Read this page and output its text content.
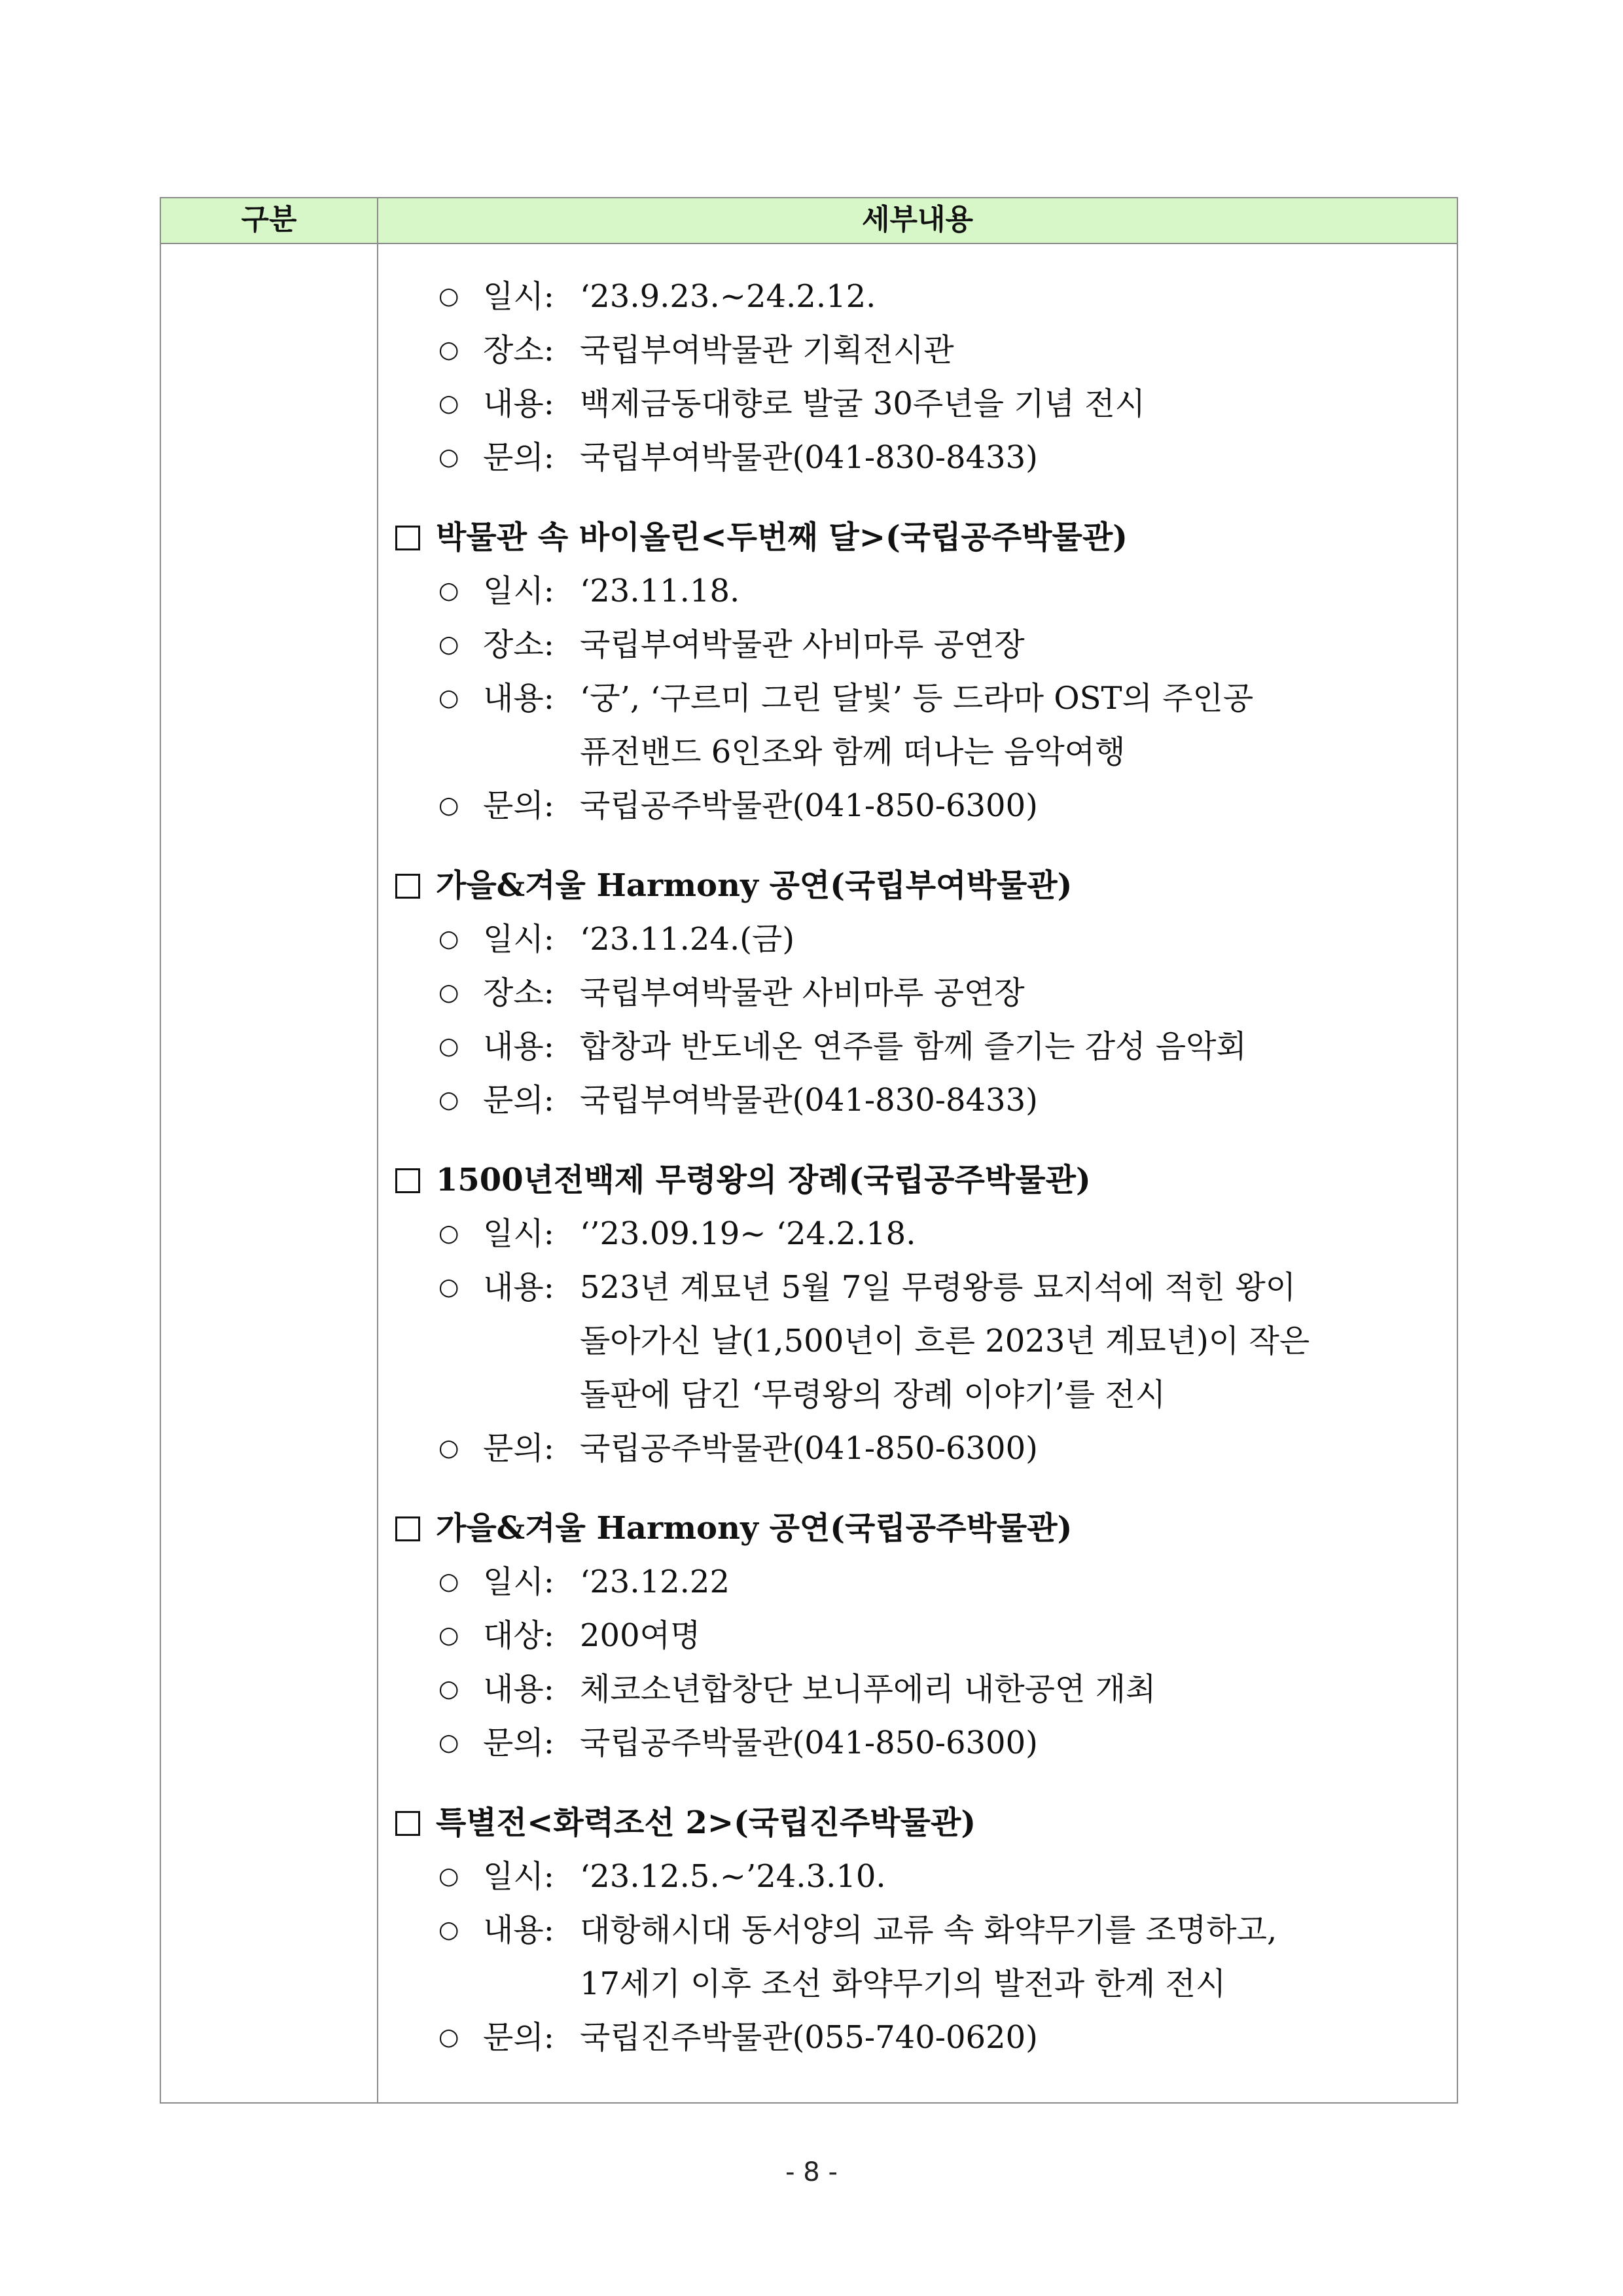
구분	세부내용
○ 일시: ‘23.9.23.~24.2.12.
○ 장소: 국립부여박물관 기획전시관
○ 내용: 백제금동대향로 발굴 30주년을 기념 전시
○ 문의: 국립부여박물관(041-830-8433)
박물관 속 바이올린<두번째 달>(국립공주박물관)
○ 일시: ‘23.11.18.
○ 장소: 국립부여박물관 사비마루 공연장
○ 내용: ‘궁’, ‘구르미 그린 달빛’ 등 드라마 OST의 주인공
퓨전밴드 6인조와 함께 떠나는 음악여행
○ 문의: 국립공주박물관(041-850-6300)
가을&겨울 Harmony 공연(국립부여박물관)
○ 일시: ‘23.11.24.(금)
○ 장소: 국립부여박물관 사비마루 공연장
○ 내용: 합창과 반도네온 연주를 함께 즐기는 감성 음악회
○ 문의: 국립부여박물관(041-830-8433)
1500년전백제 무령왕의 장례(국립공주박물관)
○ 일시: ‘’23.09.19~ ‘24.2.18.
○ 내용: 523년 계묘년 5월 7일 무령왕릉 묘지석에 적힌 왕이
돌아가신 날(1,500년이 흐른 2023년 계묘년)이 작은
돌판에 담긴 ‘무령왕의 장례 이야기’를 전시
○ 문의: 국립공주박물관(041-850-6300)
가을&겨울 Harmony 공연(국립공주박물관)
○ 일시: ‘23.12.22
○ 대상: 200여명
○ 내용: 체코소년합창단 보니푸에리 내한공연 개최
○ 문의: 국립공주박물관(041-850-6300)
특별전<화력조선 2>(국립진주박물관)
○ 일시: ‘23.12.5.~’24.3.10.
○ 내용: 대항해시대 동서양의 교류 속 화약무기를 조명하고,
17세기 이후 조선 화약무기의 발전과 한계 전시
○ 문의: 국립진주박물관(055-740-0620)
- 8 -
